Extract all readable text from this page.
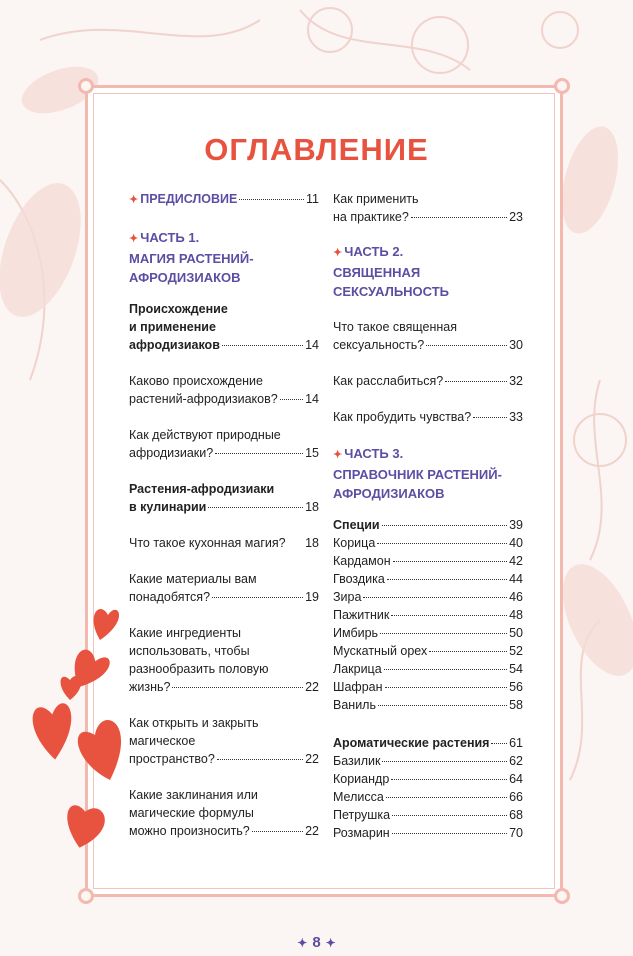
ОГЛАВЛЕНИЕ
✦ ПРЕДИСЛОВИЕ	11
✦ ЧАСТЬ 1.
МАГИЯ РАСТЕНИЙ-
АФРОДИЗИАКОВ
Происхождение
и применение
афродизиаков	14
Каково происхождение
растений-афродизиаков? 14
Как действуют природные
афродизиаки?	15
Растения-афродизиаки
в кулинарии	18
Что такое кухонная магия? 18
Какие материалы вам
понадобятся?	19
Какие ингредиенты
использовать, чтобы
разнообразить половую
жизнь?	22
Как открыть и закрыть
магическое
пространство?	22
Какие заклинания или
магические формулы
можно произносить?	22
Как применить
на практике?	23
✦ ЧАСТЬ 2.
СВЯЩЕННАЯ
СЕКСУАЛЬНОСТЬ
Что такое священная
сексуальность?	30
Как расслабиться?	32
Как пробудить чувства?	33
✦ ЧАСТЬ 3.
СПРАВОЧНИК РАСТЕНИЙ-
АФРОДИЗИАКОВ
Специи	39
Корица	40
Кардамон	42
Гвоздика	44
Зира	46
Пажитник	48
Имбирь	50
Мускатный орех	52
Лакрица	54
Шафран	56
Ваниль	58
Ароматические растения 61
Базилик	62
Кориандр	64
Мелисса	66
Петрушка	68
Розмарин	70
✦ 8 ✦
